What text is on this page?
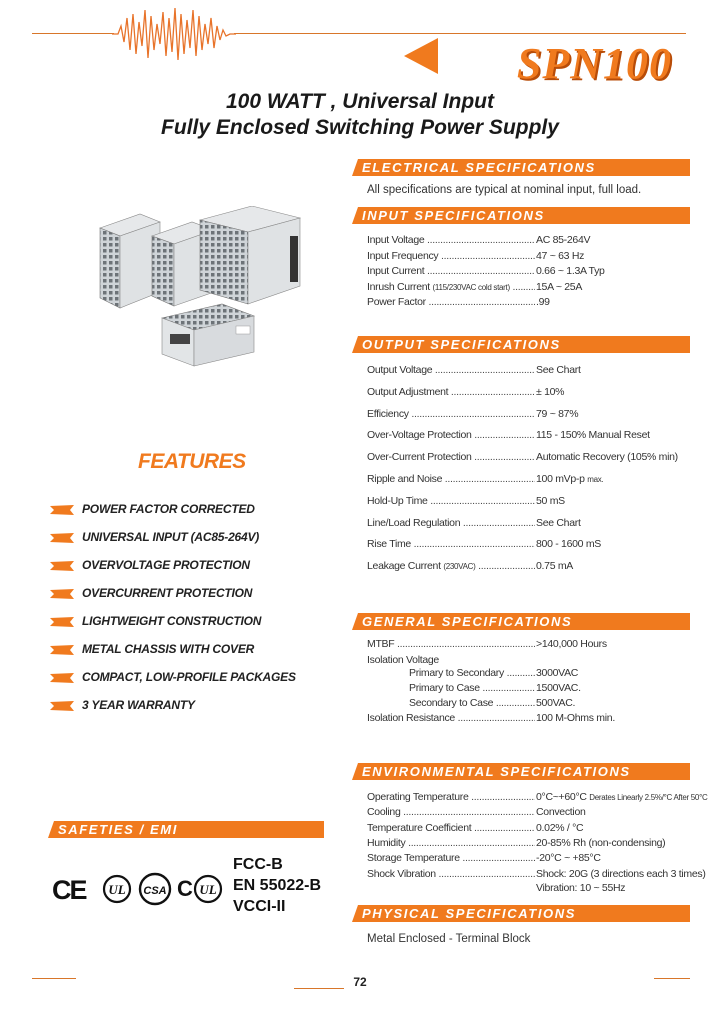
SPN100
100 WATT , Universal Input
Fully Enclosed Switching Power Supply
ELECTRICAL SPECIFICATIONS
All specifications are typical at nominal input, full load.
INPUT SPECIFICATIONS
Input Voltage .....	AC 85-264V
Input Frequency .....	47 ~ 63 Hz
Input Current .....	0.66 ~ 1.3A Typ
Inrush Current (115/230VAC cold start) .....	15A ~ 25A
Power Factor .....	.99
OUTPUT SPECIFICATIONS
Output Voltage .....	See Chart
Output Adjustment .....	± 10%
Efficiency .....	79 ~ 87%
Over-Voltage Protection .....	115 - 150% Manual Reset
Over-Current Protection .....	Automatic Recovery (105% min)
Ripple and Noise .....	100 mVp-p max.
Hold-Up Time .....	50 mS
Line/Load Regulation .....	See Chart
Rise Time .....	800 - 1600 mS
Leakage Current (230VAC) .....	0.75 mA
GENERAL SPECIFICATIONS
MTBF .....	>140,000 Hours
Isolation Voltage
Primary to Secondary .....	3000VAC
Primary to Case .....	1500VAC.
Secondary to Case .....	500VAC.
Isolation Resistance .....	100 M-Ohms min.
ENVIRONMENTAL SPECIFICATIONS
Operating Temperature .....	0°C~+60°C Derates Linearly 2.5%/°C After 50°C
Cooling .....	Convection
Temperature Coefficient .....	0.02% / °C
Humidity .....	20-85% Rh (non-condensing)
Storage Temperature .....	-20°C ~ +85°C
Shock Vibration .....	Shock: 20G (3 directions each 3 times)
Vibration: 10 ~ 55Hz
PHYSICAL SPECIFICATIONS
Metal Enclosed - Terminal Block
FEATURES
POWER FACTOR CORRECTED
UNIVERSAL INPUT (AC85-264V)
OVERVOLTAGE PROTECTION
OVERCURRENT PROTECTION
LIGHTWEIGHT CONSTRUCTION
METAL CHASSIS WITH COVER
COMPACT, LOW-PROFILE PACKAGES
3 YEAR WARRANTY
SAFETIES / EMI
CE UL CSA C UL
FCC-B
EN 55022-B
VCCI-II
72
